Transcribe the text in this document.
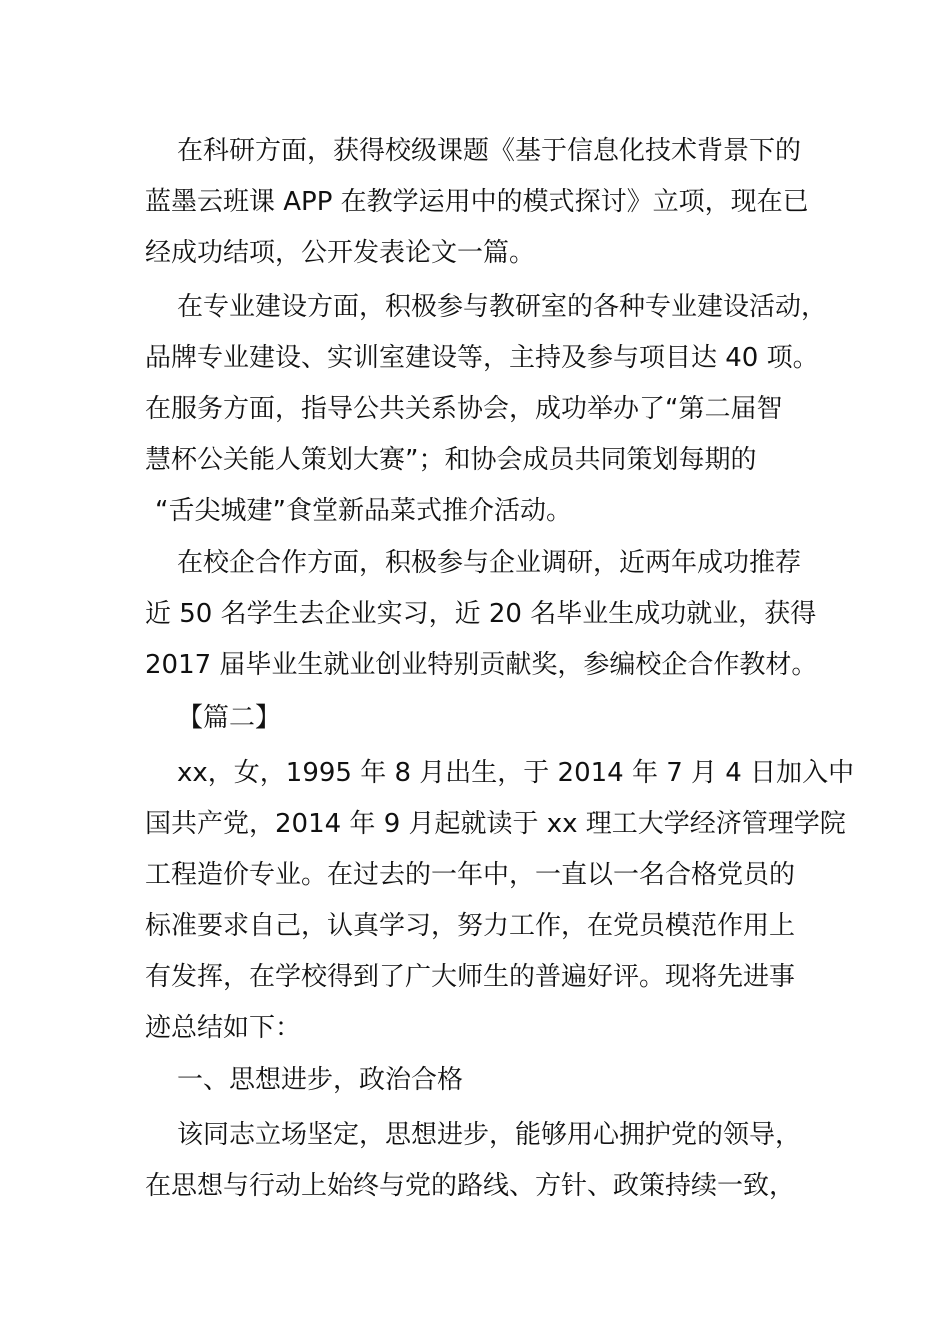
在科研方面，获得校级课题《基于信息化技术背景下的
蓝墨云班课 APP 在教学运用中的模式探讨》立项，现在已
经成功结项，公开发表论文一篇。
在专业建设方面，积极参与教研室的各种专业建设活动，
品牌专业建设、实训室建设等，主持及参与项目达 40 项。
在服务方面，指导公共关系协会，成功举办了“第二届智
慧杯公关能人策划大赛”；和协会成员共同策划每期的
“舌尖城建”食堂新品菜式推介活动。
在校企合作方面，积极参与企业调研，近两年成功推荐
近 50 名学生去企业实习，近 20 名毕业生成功就业，获得
2017 届毕业生就业创业特别贡献奖，参编校企合作教材。
【篇二】
xx，女，1995 年 8 月出生，于 2014 年 7 月 4 日加入中
国共产党，2014 年 9 月起就读于 xx 理工大学经济管理学院
工程造价专业。在过去的一年中，一直以一名合格党员的
标准要求自己，认真学习，努力工作，在党员模范作用上
有发挥，在学校得到了广大师生的普遍好评。现将先进事
迹总结如下：
一、思想进步，政治合格
该同志立场坚定，思想进步，能够用心拥护党的领导，
在思想与行动上始终与党的路线、方针、政策持续一致，
